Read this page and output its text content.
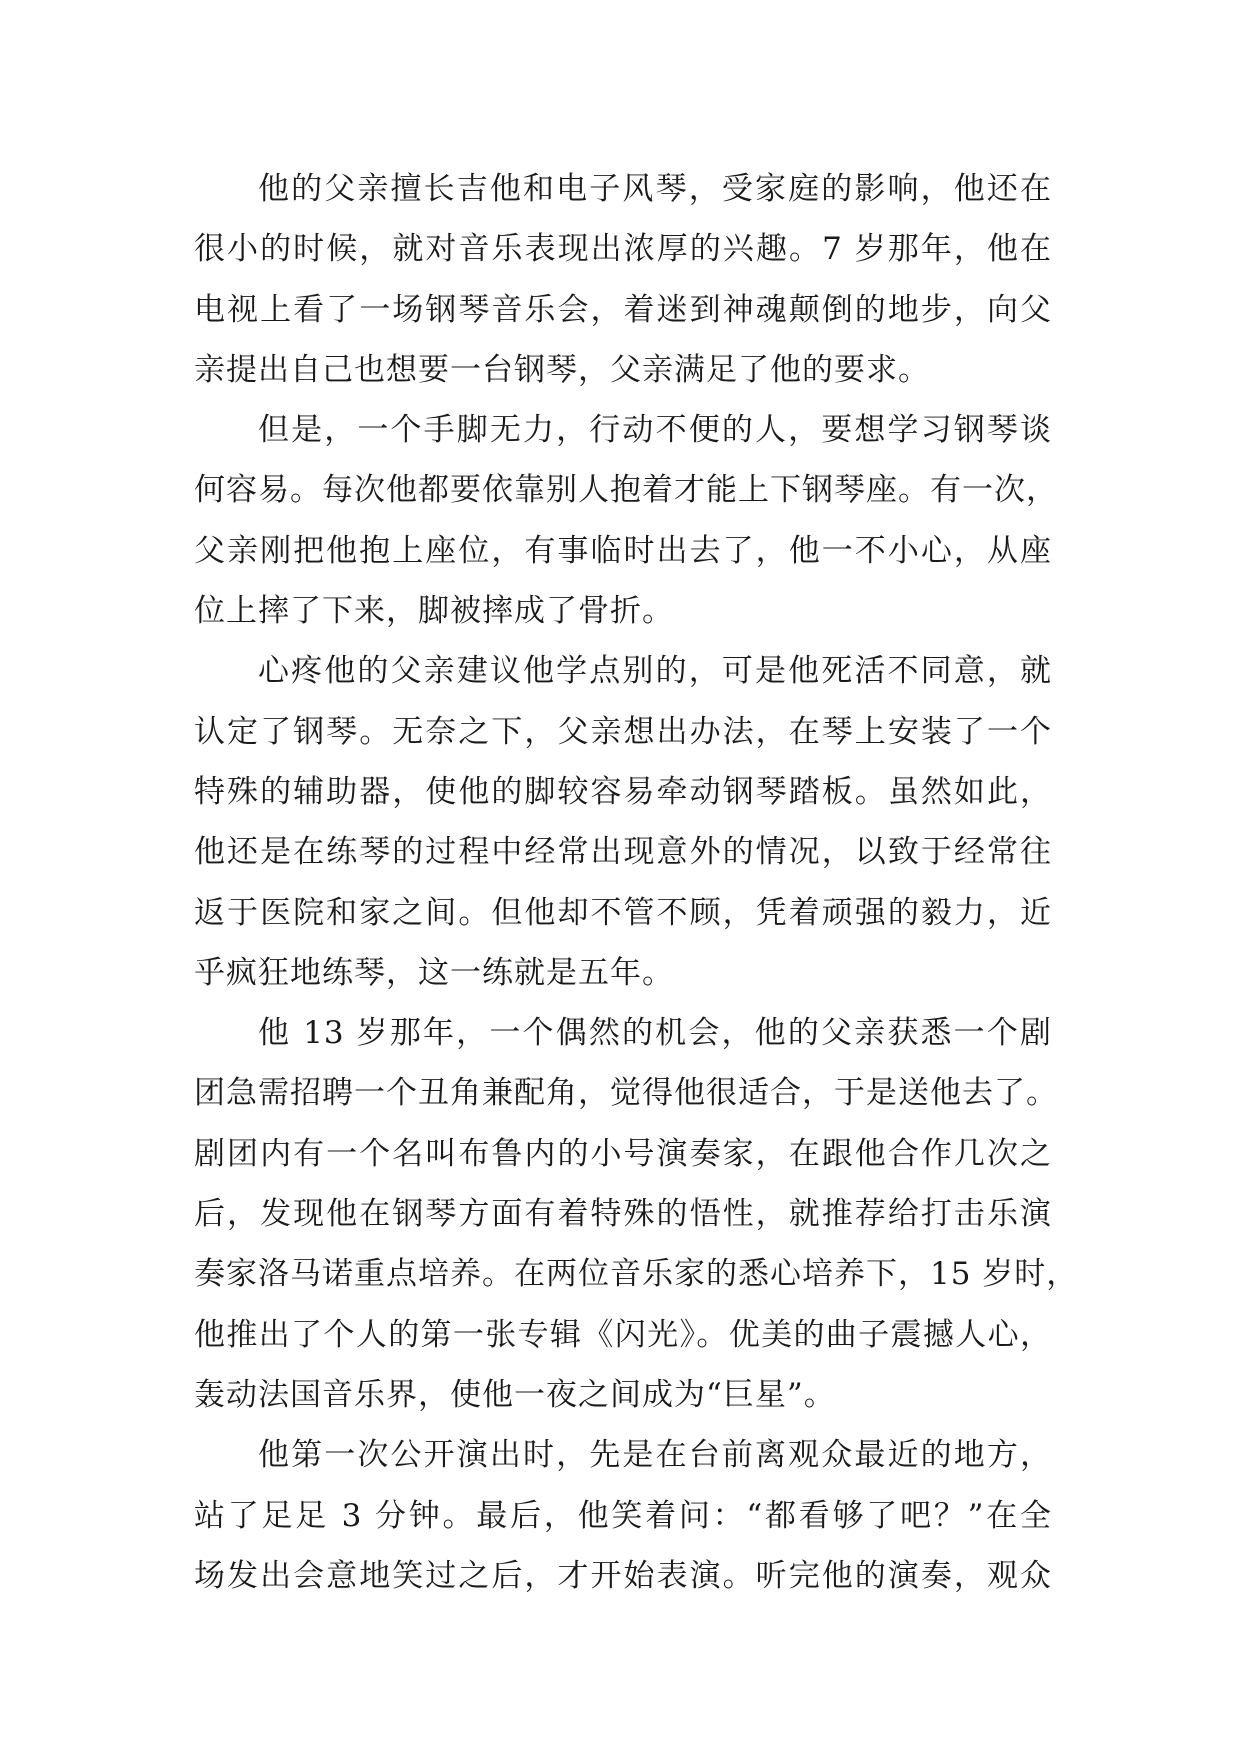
他的父亲擅长吉他和电子风琴，受家庭的影响，他还在
很小的时候，就对音乐表现出浓厚的兴趣。7 岁那年，他在
电视上看了一场钢琴音乐会，着迷到神魂颠倒的地步，向父
亲提出自己也想要一台钢琴，父亲满足了他的要求。
但是，一个手脚无力，行动不便的人，要想学习钢琴谈
何容易。每次他都要依靠别人抱着才能上下钢琴座。有一次，
父亲刚把他抱上座位，有事临时出去了，他一不小心，从座
位上摔了下来，脚被摔成了骨折。
心疼他的父亲建议他学点别的，可是他死活不同意，就
认定了钢琴。无奈之下，父亲想出办法，在琴上安装了一个
特殊的辅助器，使他的脚较容易牵动钢琴踏板。虽然如此，
他还是在练琴的过程中经常出现意外的情况，以致于经常往
返于医院和家之间。但他却不管不顾，凭着顽强的毅力，近
乎疯狂地练琴，这一练就是五年。
他 13 岁那年，一个偶然的机会，他的父亲获悉一个剧
团急需招聘一个丑角兼配角，觉得他很适合，于是送他去了。
剧团内有一个名叫布鲁内的小号演奏家，在跟他合作几次之
后，发现他在钢琴方面有着特殊的悟性，就推荐给打击乐演
奏家洛马诺重点培养。在两位音乐家的悉心培养下，15 岁时，
他推出了个人的第一张专辑《闪光》。优美的曲子震撼人心，
轰动法国音乐界，使他一夜之间成为“巨星”。
他第一次公开演出时，先是在台前离观众最近的地方，
站了足足 3 分钟。最后，他笑着问：“都看够了吧？”在全
场发出会意地笑过之后，才开始表演。听完他的演奏，观众
